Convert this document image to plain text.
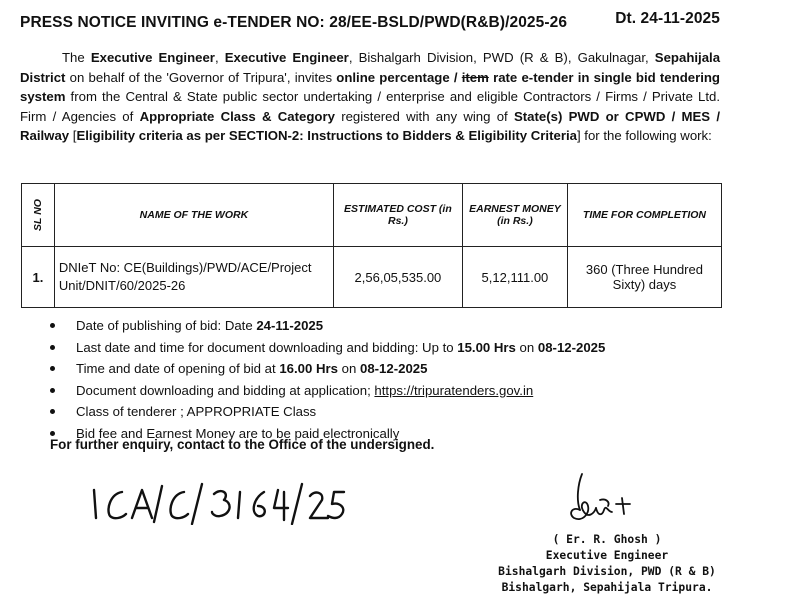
PRESS NOTICE INVITING e-TENDER NO: 28/EE-BSLD/PWD(R&B)/2025-26	Dt. 24-11-2025
The Executive Engineer, Executive Engineer, Bishalgarh Division, PWD (R & B), Gakulnagar, Sepahijala District on behalf of the 'Governor of Tripura', invites online percentage / item rate e-tender in single bid tendering system from the Central & State public sector undertaking / enterprise and eligible Contractors / Firms / Private Ltd. Firm / Agencies of Appropriate Class & Category registered with any wing of State(s) PWD or CPWD / MES / Railway [Eligibility criteria as per SECTION-2: Instructions to Bidders & Eligibility Criteria] for the following work:
SL NO	NAME OF THE WORK	ESTIMATED COST (in Rs.)	EARNEST MONEY (in Rs.)	TIME FOR COMPLETION
1.	DNIeT No: CE(Buildings)/PWD/ACE/Project Unit/DNIT/60/2025-26	2,56,05,535.00	5,12,111.00	360 (Three Hundred Sixty) days
Date of publishing of bid: Date 24-11-2025
Last date and time for document downloading and bidding: Up to 15.00 Hrs on 08-12-2025
Time and date of opening of bid at 16.00 Hrs on 08-12-2025
Document downloading and bidding at application; https://tripuratenders.gov.in
Class of tenderer ; APPROPRIATE Class
Bid fee and Earnest Money are to be paid electronically
For further enquiry, contact to the Office of the undersigned.
( Er. R. Ghosh )
Executive Engineer
Bishalgarh Division, PWD (R & B)
Bishalgarh, Sepahijala Tripura.
